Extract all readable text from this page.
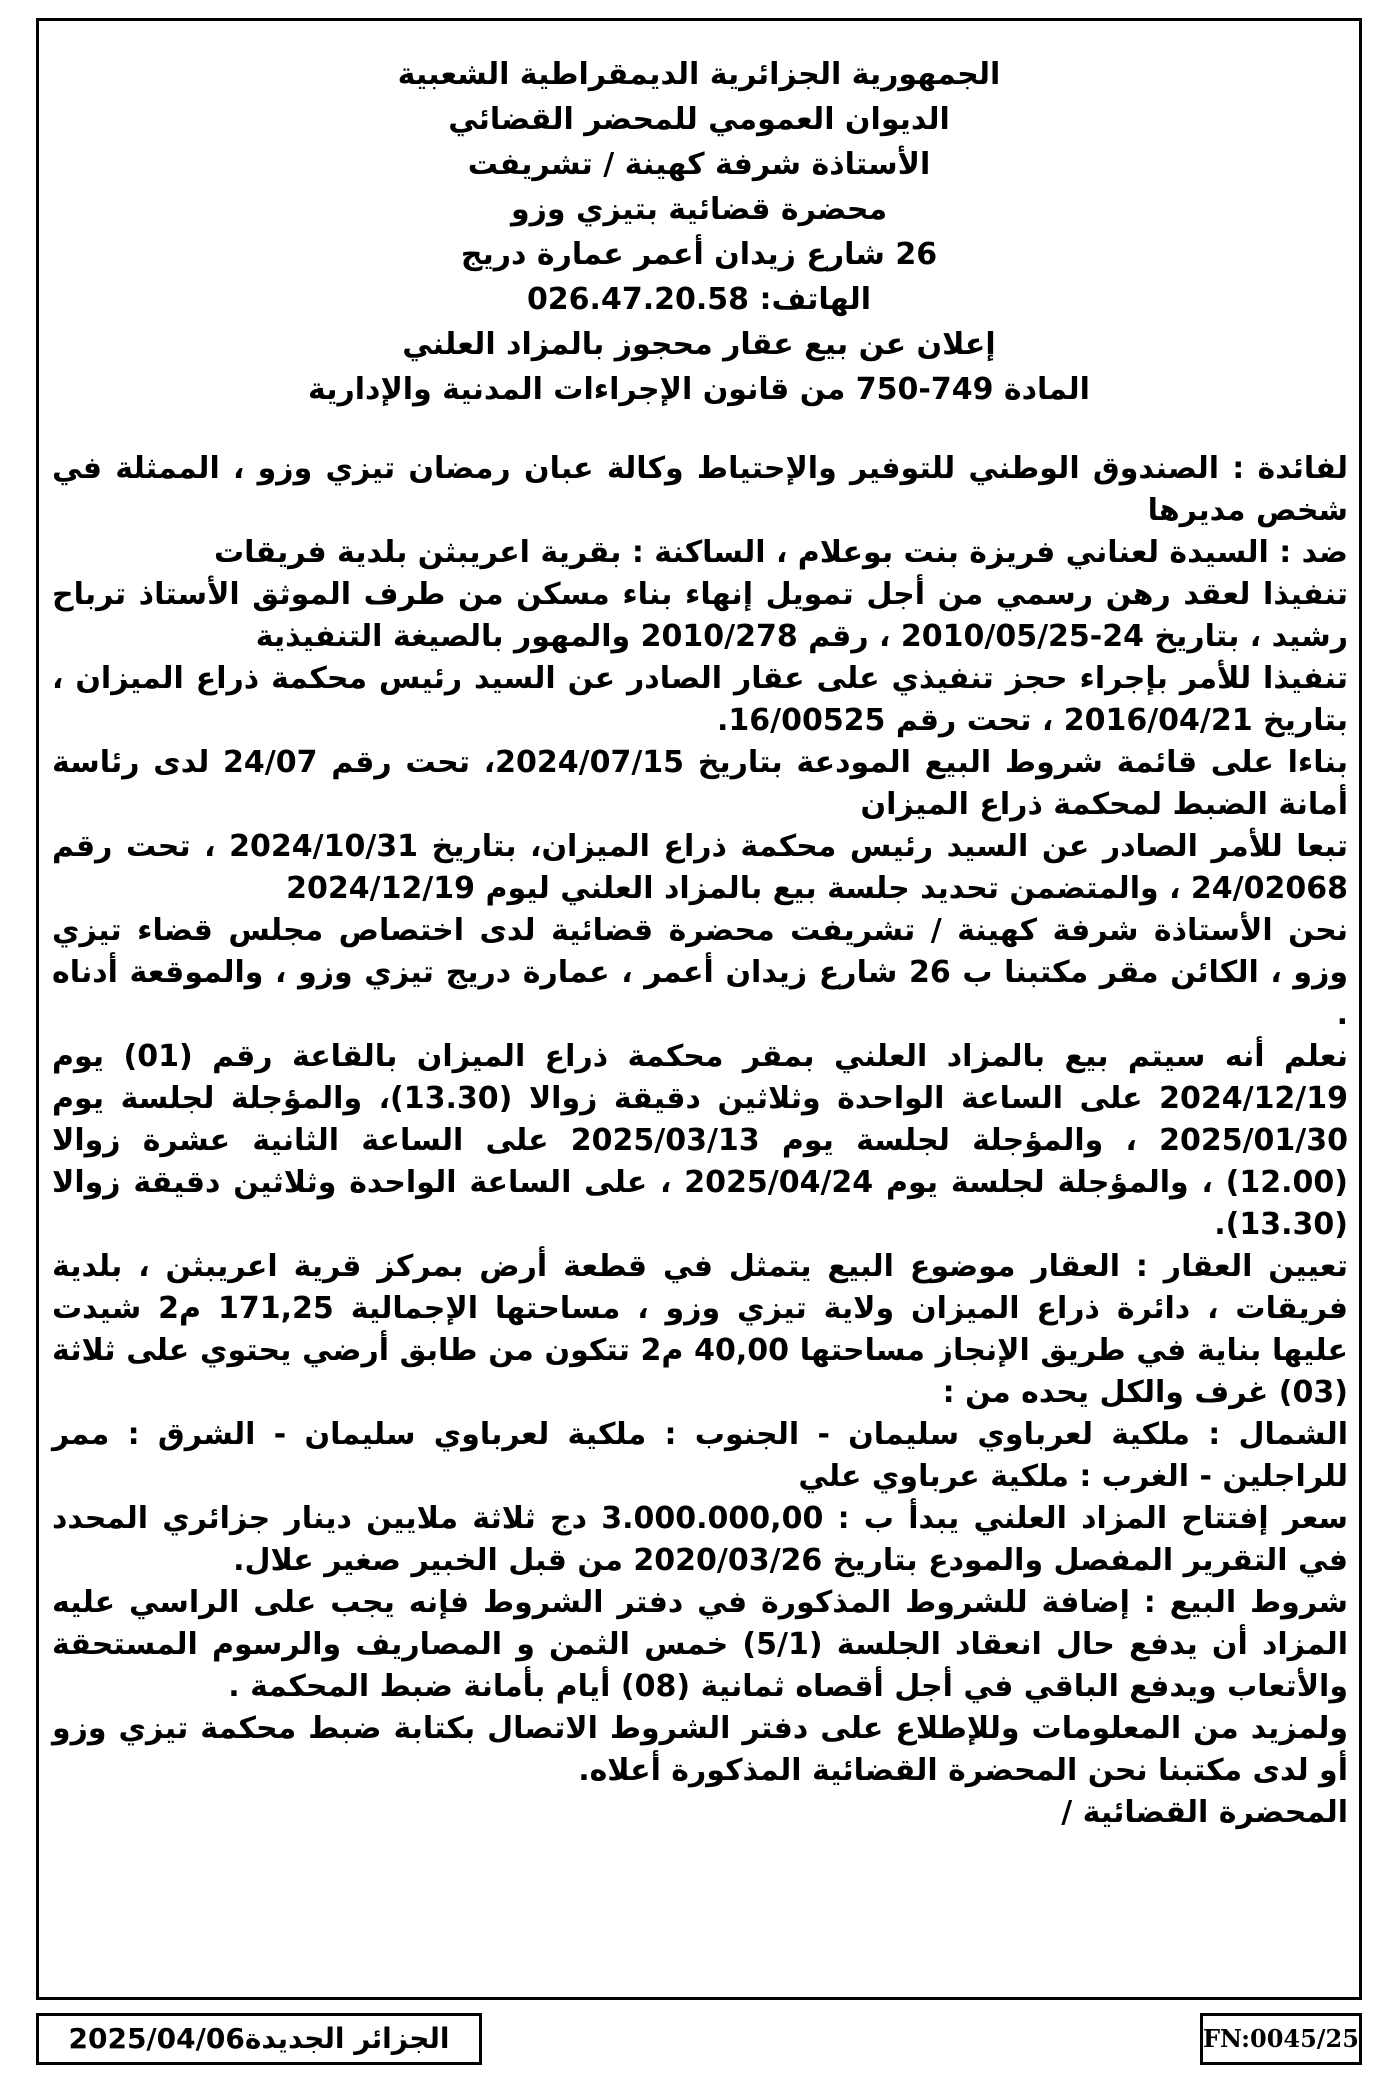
الجمهورية الجزائرية الديمقراطية الشعبية
الديوان العمومي للمحضر القضائي
الأستاذة شرفة كهينة / تشريفت
محضرة قضائية بتيزي وزو
26 شارع زيدان أعمر عمارة دريج
الهاتف: 026.47.20.58
إعلان عن بيع عقار محجوز بالمزاد العلني
المادة 749-750 من قانون الإجراءات المدنية والإدارية

لفائدة : الصندوق الوطني للتوفير والإحتياط وكالة عبان رمضان تيزي وزو ، الممثلة في شخص مديرها

ضد : السيدة لعناني فريزة بنت بوعلام ، الساكنة : بقرية اعريبثن بلدية فريقات

تنفيذا لعقد رهن رسمي من أجل تمويل إنهاء بناء مسكن من طرف الموثق الأستاذ ترباح رشيد ، بتاريخ 24-2010/05/25 ، رقم 2010/278 والمهور بالصيغة التنفيذية

تنفيذا للأمر بإجراء حجز تنفيذي على عقار الصادر عن السيد رئيس محكمة ذراع الميزان ، بتاريخ 2016/04/21 ، تحت رقم 16/00525.

بناءا على قائمة شروط البيع المودعة بتاريخ 2024/07/15، تحت رقم 24/07 لدى رئاسة أمانة الضبط لمحكمة ذراع الميزان

تبعا للأمر الصادر عن السيد رئيس محكمة ذراع الميزان، بتاريخ 2024/10/31 ، تحت رقم 24/02068 ، والمتضمن تحديد جلسة بيع بالمزاد العلني ليوم 2024/12/19

نحن الأستاذة شرفة كهينة / تشريفت محضرة قضائية لدى اختصاص مجلس قضاء تيزي وزو ، الكائن مقر مكتبنا ب 26 شارع زيدان أعمر ، عمارة دريج تيزي وزو ، والموقعة أدناه .

نعلم أنه سيتم بيع بالمزاد العلني بمقر محكمة ذراع الميزان بالقاعة رقم (01) يوم 2024/12/19 على الساعة الواحدة وثلاثين دقيقة زوالا (13.30)، والمؤجلة لجلسة يوم 2025/01/30 ، والمؤجلة لجلسة يوم 2025/03/13 على الساعة الثانية عشرة زوالا (12.00) ، والمؤجلة لجلسة يوم 2025/04/24 ، على الساعة الواحدة وثلاثين دقيقة زوالا (13.30).

تعيين العقار : العقار موضوع البيع يتمثل في قطعة أرض بمركز قرية اعريبثن ، بلدية فريقات ، دائرة ذراع الميزان ولاية تيزي وزو ، مساحتها الإجمالية 171,25 م2 شيدت عليها بناية في طريق الإنجاز مساحتها 40,00 م2 تتكون من طابق أرضي يحتوي على ثلاثة (03) غرف والكل يحده من :

الشمال : ملكية لعرباوي سليمان - الجنوب : ملكية لعرباوي سليمان - الشرق : ممر للراجلين - الغرب : ملكية عرباوي علي

سعر إفتتاح المزاد العلني يبدأ ب : 3.000.000,00 دج ثلاثة ملايين دينار جزائري المحدد في التقرير المفصل والمودع بتاريخ 2020/03/26 من قبل الخبير صغير علال.

شروط البيع : إضافة للشروط المذكورة في دفتر الشروط فإنه يجب على الراسي عليه المزاد أن يدفع حال انعقاد الجلسة (5/1) خمس الثمن و المصاريف والرسوم المستحقة والأتعاب ويدفع الباقي في أجل أقصاه ثمانية (08) أيام بأمانة ضبط المحكمة .

ولمزيد من المعلومات وللإطلاع على دفتر الشروط الاتصال بكتابة ضبط محكمة تيزي وزو أو لدى مكتبنا نحن المحضرة القضائية المذكورة أعلاه.

المحضرة القضائية /

الجزائر الجديدة2025/04/06	FN:0045/25
